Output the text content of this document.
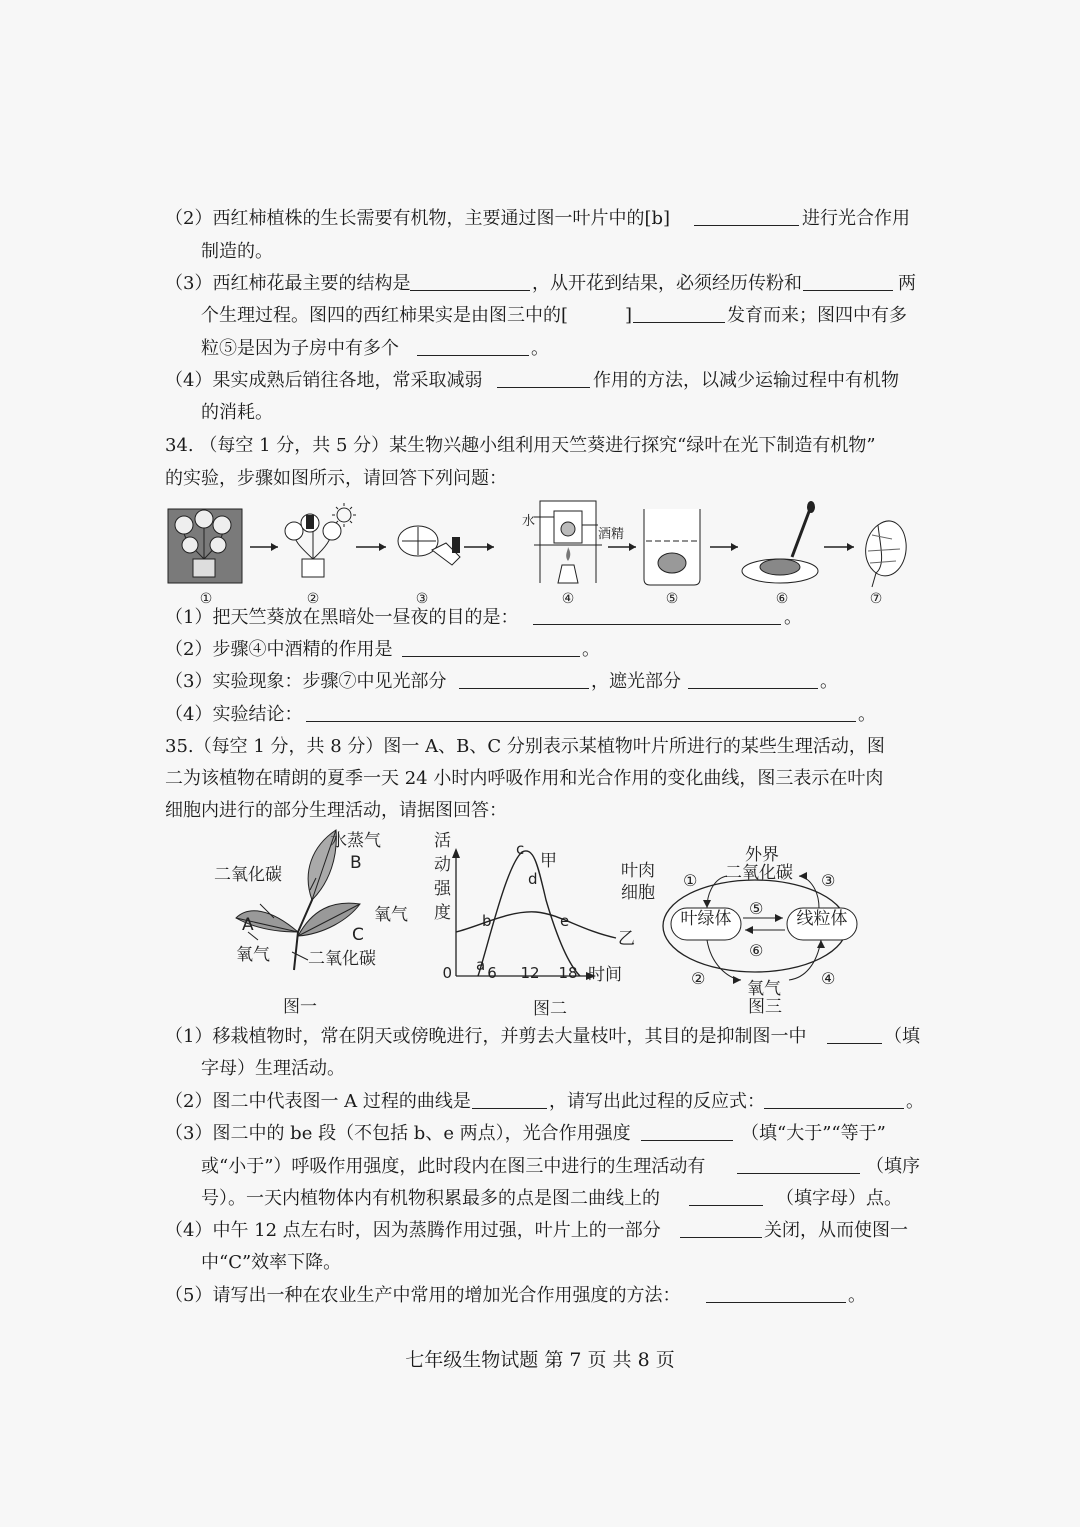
（2）西红柿植株的生长需要有机物，主要通过图一叶片中的[b]	进行光合作用
制造的。
（3）西红柿花最主要的结构是	，从开花到结果，必须经历传粉和	两
个生理过程。图四的西红柿果实是由图三中的[	]	发育而来；图四中有多
粒⑤是因为子房中有多个	。
（4）果实成熟后销往各地，常采取减弱	作用的方法，以减少运输过程中有机物
的消耗。
34. （每空 1 分，共 5 分）某生物兴趣小组利用天竺葵进行探究“绿叶在光下制造有机物”
的实验，步骤如图所示，请回答下列问题：
水
酒精
①	②	③	④	⑤	⑥	⑦
（1）把天竺葵放在黑暗处一昼夜的目的是：	。
（2）步骤④中酒精的作用是	。
（3）实验现象：步骤⑦中见光部分	，遮光部分	。
（4）实验结论：	。
35.（每空 1 分，共 8 分）图一 A、B、C 分别表示某植物叶片所进行的某些生理活动，图
二为该植物在晴朗的夏季一天 24 小时内呼吸作用和光合作用的变化曲线，图三表示在叶肉
细胞内进行的部分生理活动，请据图回答：
水蒸气
B
二氧化碳
A	氧气
C
氧气 二氧化碳
图一
活
动
强
度
c
d
甲
b	e
乙
a
0 6 12 18 时间
图二
叶肉
细胞
外界
二氧化碳
①	③
⑤
⑥
叶绿体	线粒体
②	④
氧气
图三
（1）移栽植物时，常在阴天或傍晚进行，并剪去大量枝叶，其目的是抑制图一中	（填
字母）生理活动。
（2）图二中代表图一 A 过程的曲线是	，请写出此过程的反应式：	。
（3）图二中的 be 段（不包括 b、e 两点），光合作用强度	（填“大于”“等于”
或“小于”）呼吸作用强度，此时段内在图三中进行的生理活动有	（填序
号）。一天内植物体内有机物积累最多的点是图二曲线上的	（填字母）点。
（4）中午 12 点左右时，因为蒸腾作用过强，叶片上的一部分	关闭，从而使图一
中“C”效率下降。
（5）请写出一种在农业生产中常用的增加光合作用强度的方法：	。
七年级生物试题 第 7 页 共 8 页
